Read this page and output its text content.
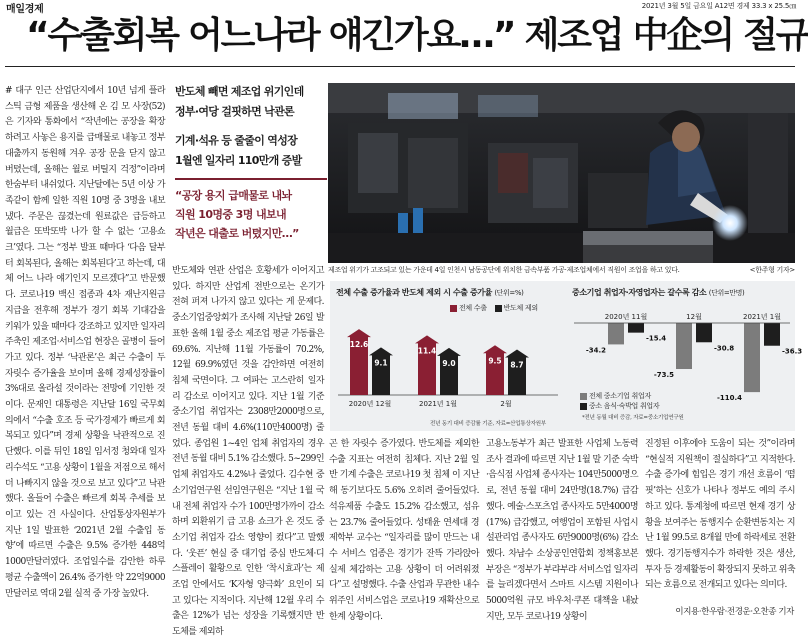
매일경제	2021년 3월 5일 금요일 A12면 경제 33.3 x 25.5㎝
“수출회복 어느나라 얘긴가요…” 제조업 中企의 절규
# 대구 인근 산업단지에서 10년 넘게 플라스틱 금형 제품을 생산해 온 김 모 사장(52)은 기자와 통화에서 “작년에는 공장을 확장하려고 사놓은 용지를 급매물로 내놓고 정부 대출까지 동원해 겨우 공장 문을 닫지 않고 버텼는데, 올해는 월로 버틸지 걱정”이라며 한숨부터 내쉬었다. 지난달에는 5년 이상 가족같이 함께 일한 직원 10명 중 3명을 내보냈다. 주문은 끊겼는데 원료값은 급등하고 월급은 또박또박 나가 할 수 없는 ‘고용쇼크’였다. 그는 “정부 발표 때마다 ‘다음 달부터 회복된다, 올해는 회복된다’고 하는데, 대체 어느 나라 얘기인지 모르겠다”고 반문했다. 코로나19 백신 접종과 4차 재난지원금 지급을 전후해 정부가 경기 회복 기대감을 키워가 있을 때마다 강조하고 있지만 일자리 주축인 제조업·서비스업 현장은 골병이 들어가고 있다. 정부 ‘낙관론’은 최근 수출이 두 자릿수 증가율을 보이며 올해 경제성장률이 3%대로 올라설 것이라는 전망에 기인한 것이다. 문재인 대통령은 지난달 16일 국무회의에서 “수출 호조 등 국가경제가 빠르게 회복되고 있다”며 경제 상황을 낙관적으로 진단했다. 이를 뒤인 18일 임서정 청와대 일자리수석도 “고용 상황이 1월을 저점으로 해서 더 나빠지지 않을 것으로 보고 있다”고 낙관했다. 올들어 수출은 빠르게 회복 추세를 보이고 있는 건 사실이다. 산업통상자원부가 지난 1일 발표한 ‘2021년 2월 수출입 동향’에 따르면 수출은 9.5% 증가한 448억1000만달러였다. 조업일수를 감안한 하루 평균 수출액이 26.4% 증가한 약 22억9000만달러로 역대 2월 실적 중 가장 높았다.
반도체 빼면 제조업 위기인데
정부·여당 걸핏하면 낙관론
기계·석유 등 줄줄이 역성장
1월엔 일자리 110만개 증발
“공장 용지 급매물로 내놔
직원 10명중 3명 내보내
작년은 대출로 버텼지만…”
반도체와 연관 산업은 호황세가 이어지고 있다. 하지만 산업계 전반으로는 온기가 전혀 퍼져 나가지 않고 있다는 게 문제다. 중소기업중앙회가 조사해 지난달 26일 발표한 올해 1월 중소 제조업 평균 가동률은 69.6%. 지난해 11월 가동률이 70.2%, 12월 69.9%였던 것을 감안하면 여전히 침체 국면이다. 그 여파는 고스란히 일자리 감소로 이어지고 있다. 지난 1월 기준 중소기업 취업자는 2308만2000명으로, 전년 동월 대비 4.6%(110만4000명) 줄었다. 종업원 1~4인 업체 취업자의 경우 전년 동월 대비 5.1% 감소했다. 5~299인 업체 취업자도 4.2%나 줄었다. 김수현 중소기업연구원 선임연구원은 “지난 1월 국내 전체 취업자 수가 100만명가까이 감소하며 외환위기 급 고용 쇼크가 온 것도 중소기업 취업자 감소 영향이 컸다”고 말했다. ‘웃픈’ 현실 중 대기업 중심 반도체·디스플레이 활황으로 인한 ‘착시효과’는 제조업 안에서도 ‘K자형 양극화’ 요인이 되고 있다는 지적이다. 지난해 12월 우리 수출은 12%가 넘는 성장을 기록했지만 반도체를 제외하
제조업 위기가 고조되고 있는 가운데 4일 인천시 남동공단에 위치한 금속부품 가공·제조업체에서 직원이 조업을 하고 있다.	<한주형 기자>
전체 수출 증가율과 반도체 제외 시 수출 증가율 (단위=%)
전체 수출 반도체 제외
12.6
9.1
2020년 12월
11.4
9.0
2021년 1월
9.5 8.7
2월
전년 동기 대비 증감률 기준, 자료=산업통상자원부
중소기업 취업자·자영업자는 갈수록 감소 (단위=만명)
2020년 11월
-34.2
-15.4
12월
-73.5
-30.8
2021년 1월
-110.4
-36.3
전체 중소기업 취업자
중소 음식·숙박업 취업자
*전년 동월 대비 증감, 자료=중소기업연구원
곤 한 자릿수 증가였다. 반도체를 제외한 수출 지표는 여전히 침체다. 지난 2월 일반 기계 수출은 코로나19 첫 침체 이 지난해 동기보다도 5.6% 오히려 줄어들었다. 석유제품 수출도 15.2% 감소했고, 섬유는 23.7% 줄어들었다. 성태윤 연세대 경제학부 교수는 “일자리를 많이 만드는 내수 서비스 업종은 경기가 잔뜩 가라앉아 실제 체감하는 고용 상황이 더 어려워졌다”고 설명했다. 수출 산업과 무관한 내수 위주인 서비스업은 코로나19 재확산으로 한계 상황이다.
고용노동부가 최근 발표한 사업체 노동력 조사 결과에 따르면 지난 1월 말 기준 숙박·음식점 사업체 종사자는 104만5000명으로, 전년 동월 대비 24만명(18.7%) 급감했다. 예술·스포츠업 종사자도 5만4000명(17%) 급감했고, 여행업이 포함된 사업시설관리업 종사자도 6만9000명(6%) 감소했다. 차남수 소상공인연합회 정책홍보본부장은 “정부가 부랴부랴 서비스업 일자리를 늘리겠다면서 스마트 시스템 지원이나 5000억원 규모 바우처·쿠폰 대책을 내놨지만, 모두 코로나19 상황이
진정된 이후에야 도움이 되는 것”이라며 “현실적 지원책이 절실하다”고 지적한다. 수출 증가에 힘입은 경기 개선 흐름이 ‘떰핏’하는 신호가 나타나 정부도 예의 주시하고 있다. 통계청에 따르면 현재 경기 상황을 보여주는 동행지수 순환변동치는 지난 1월 99.5로 8개월 만에 하락세로 전환했다. 경기동행지수가 하락한 것은 생산, 투자 등 경제활동이 확장되지 못하고 위축되는 흐름으로 전개되고 있다는 의미다.
이지용·한우람·전경운·오찬종 기자
